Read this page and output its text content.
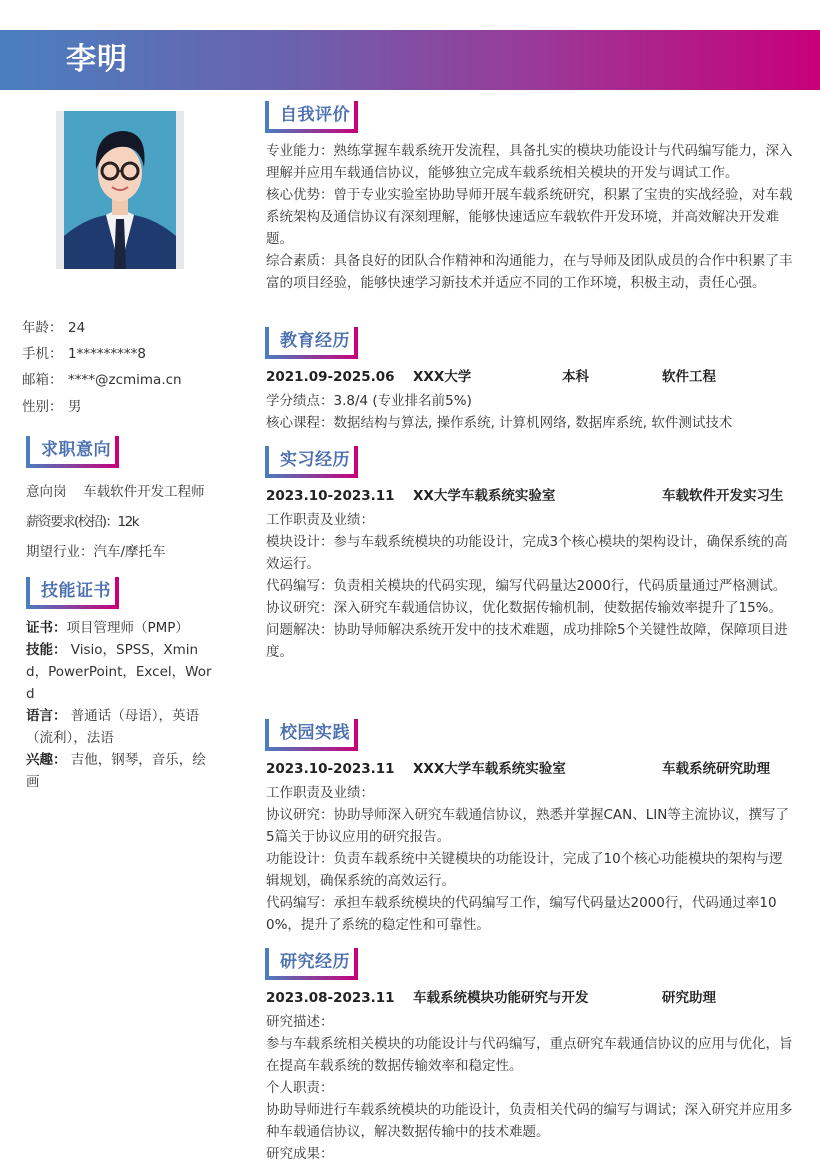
李明
年龄： 24
手机： 1*********8
邮箱： ****@zcmima.cn
性别： 男
求职意向
意向岗 车载软件开发工程师
薪资要求(校招)：12k
期望行业：汽车/摩托车
技能证书
证书：项目管理师（PMP）
技能： Visio，SPSS，Xmind，PowerPoint，Excel，Word
语言： 普通话（母语），英语（流利），法语
兴趣： 吉他，钢琴，音乐，绘画
自我评价
专业能力：熟练掌握车载系统开发流程，具备扎实的模块功能设计与代码编写能力，深入理解并应用车载通信协议，能够独立完成车载系统相关模块的开发与调试工作。
核心优势：曾于专业实验室协助导师开展车载系统研究，积累了宝贵的实战经验，对车载系统架构及通信协议有深刻理解，能够快速适应车载软件开发环境，并高效解决开发难题。
综合素质：具备良好的团队合作精神和沟通能力，在与导师及团队成员的合作中积累了丰富的项目经验，能够快速学习新技术并适应不同的工作环境，积极主动，责任心强。
教育经历
2021.09-2025.06 XXX大学	本科	软件工程
学分绩点：3.8/4 (专业排名前5%)
核心课程：数据结构与算法, 操作系统, 计算机网络, 数据库系统, 软件测试技术
实习经历
2023.10-2023.11 XX大学车载系统实验室	车载软件开发实习生
工作职责及业绩：
模块设计：参与车载系统模块的功能设计，完成3个核心模块的架构设计，确保系统的高效运行。
代码编写：负责相关模块的代码实现，编写代码量达2000行，代码质量通过严格测试。
协议研究：深入研究车载通信协议，优化数据传输机制，使数据传输效率提升了15%。
问题解决：协助导师解决系统开发中的技术难题，成功排除5个关键性故障，保障项目进度。
校园实践
2023.10-2023.11 XXX大学车载系统实验室	车载系统研究助理
工作职责及业绩：
协议研究：协助导师深入研究车载通信协议，熟悉并掌握CAN、LIN等主流协议，撰写了5篇关于协议应用的研究报告。
功能设计：负责车载系统中关键模块的功能设计，完成了10个核心功能模块的架构与逻辑规划，确保系统的高效运行。
代码编写：承担车载系统模块的代码编写工作，编写代码量达2000行，代码通过率100%，提升了系统的稳定性和可靠性。
研究经历
2023.08-2023.11 车载系统模块功能研究与开发	研究助理
研究描述：
参与车载系统相关模块的功能设计与代码编写，重点研究车载通信协议的应用与优化，旨在提高车载系统的数据传输效率和稳定性。
个人职责：
协助导师进行车载系统模块的功能设计，负责相关代码的编写与调试；深入研究并应用多种车载通信协议，解决数据传输中的技术难题。
研究成果：
